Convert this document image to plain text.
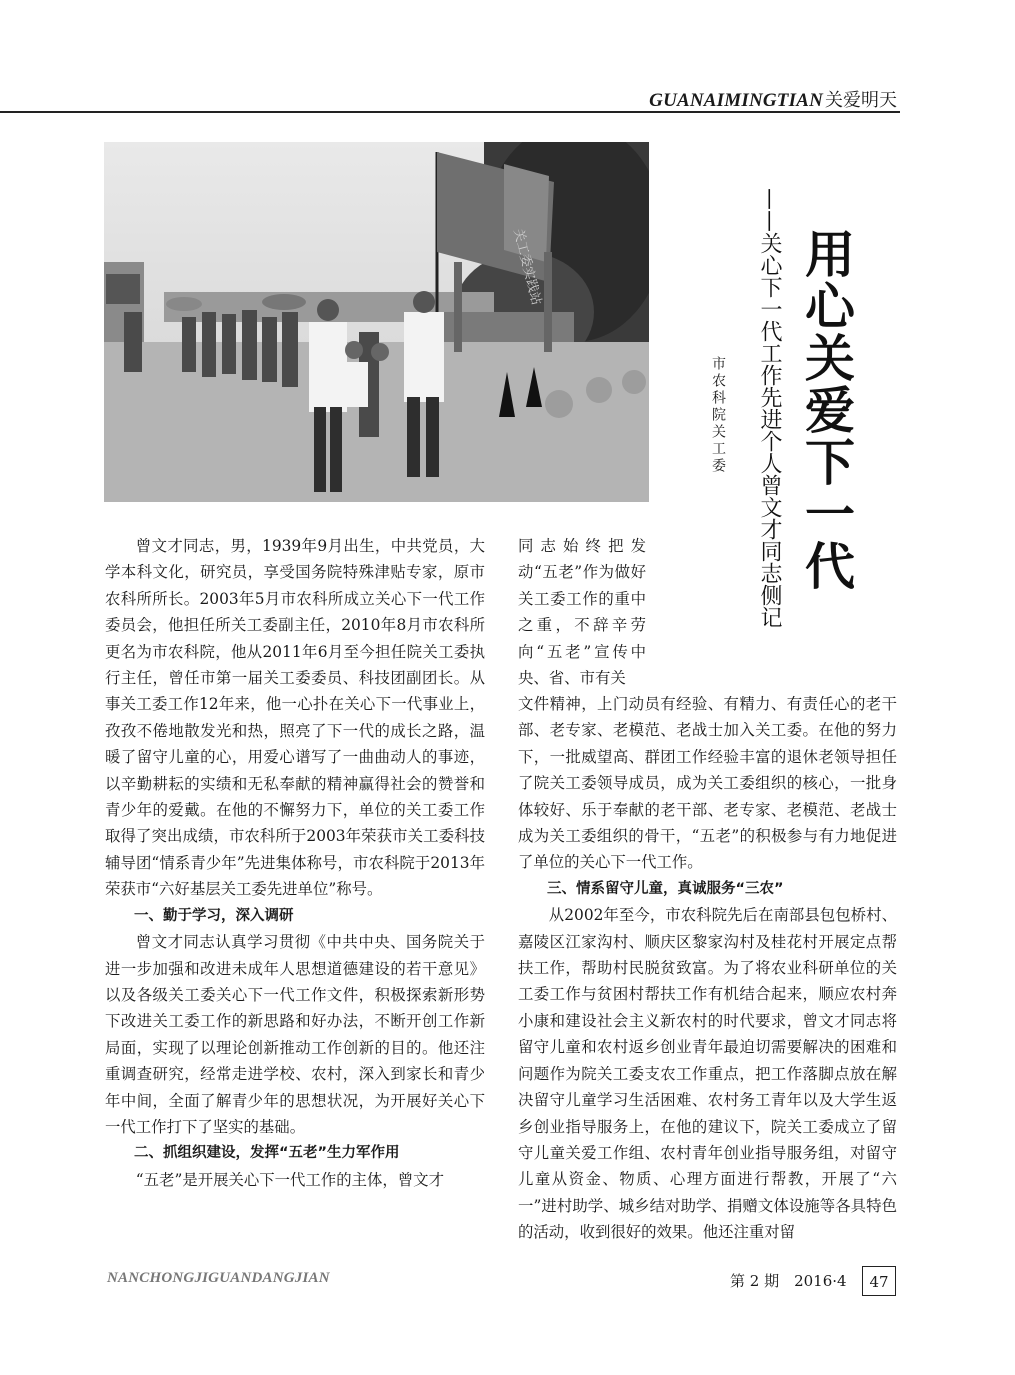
GUANAIMINGTIAN 关爱明天
关工委实践站	用心关爱下一代
——关心下一代工作先进个人曾文才同志侧记
市农科院关工委

曾文才同志，男，1939年9月出生，中共党员，大学本科文化，研究员，享受国务院特殊津贴专家，原市农科所所长。2003年5月市农科所成立关心下一代工作委员会，他担任所关工委副主任，2010年8月市农科所更名为市农科院，他从2011年6月至今担任院关工委执行主任，曾任市第一届关工委委员、科技团副团长。从事关工委工作12年来，他一心扑在关心下一代事业上，孜孜不倦地散发光和热，照亮了下一代的成长之路，温暖了留守儿童的心，用爱心谱写了一曲曲动人的事迹，以辛勤耕耘的实绩和无私奉献的精神赢得社会的赞誉和青少年的爱戴。在他的不懈努力下，单位的关工委工作取得了突出成绩，市农科所于2003年荣获市关工委科技辅导团“情系青少年”先进集体称号，市农科院于2013年荣获市“六好基层关工委先进单位”称号。

一、勤于学习，深入调研

曾文才同志认真学习贯彻《中共中央、国务院关于进一步加强和改进未成年人思想道德建设的若干意见》以及各级关工委关心下一代工作文件，积极探索新形势下改进关工委工作的新思路和好办法，不断开创工作新局面，实现了以理论创新推动工作创新的目的。他还注重调查研究，经常走进学校、农村，深入到家长和青少年中间，全面了解青少年的思想状况，为开展好关心下一代工作打下了坚实的基础。

二、抓组织建设，发挥“五老”生力军作用

“五老”是开展关心下一代工作的主体，曾文才

同志始终把发动“五老”作为做好关工委工作的重中之重，不辞辛劳向“五老”宣传中央、省、市有关

文件精神，上门动员有经验、有精力、有责任心的老干部、老专家、老模范、老战士加入关工委。在他的努力下，一批威望高、群团工作经验丰富的退休老领导担任了院关工委领导成员，成为关工委组织的核心，一批身体较好、乐于奉献的老干部、老专家、老模范、老战士成为关工委组织的骨干，“五老”的积极参与有力地促进了单位的关心下一代工作。

三、情系留守儿童，真诚服务“三农”

从2002年至今，市农科院先后在南部县包包桥村、嘉陵区江家沟村、顺庆区黎家沟村及桂花村开展定点帮扶工作，帮助村民脱贫致富。为了将农业科研单位的关工委工作与贫困村帮扶工作有机结合起来，顺应农村奔小康和建设社会主义新农村的时代要求，曾文才同志将留守儿童和农村返乡创业青年最迫切需要解决的困难和问题作为院关工委支农工作重点，把工作落脚点放在解决留守儿童学习生活困难、农村务工青年以及大学生返乡创业指导服务上，在他的建议下，院关工委成立了留守儿童关爱工作组、农村青年创业指导服务组，对留守儿童从资金、物质、心理方面进行帮教，开展了“六一”进村助学、城乡结对助学、捐赠文体设施等各具特色的活动，收到很好的效果。他还注重对留

NANCHONGJIGUANDANGJIAN	第 2 期　2016·4	47
